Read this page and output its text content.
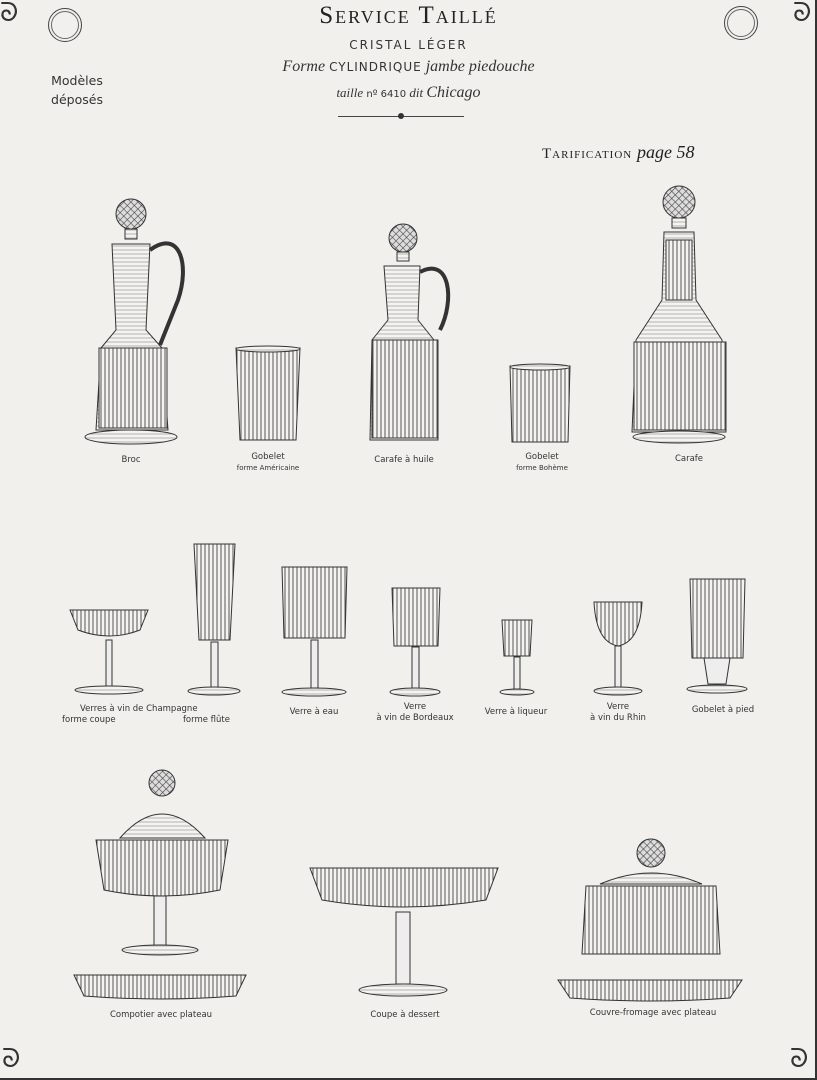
ᘐ	ᘐ
ᘐ	ᘐ
Service Taillé
CRISTAL LÉGER
Forme CYLINDRIQUE jambe piedouche
taille nº 6410 dit Chicago
Modèles
déposés
Tarification page 58
Broc	Gobelet
forme Américaine
Carafe à huile	Gobelet
forme Bohème
Carafe
Verres à vin de Champagne
forme coupe	forme flûte
Verre à eau	Verre
à vin de Bordeaux
Verre à liqueur	Verre
à vin du Rhin
Gobelet à pied
Compotier avec plateau	Coupe à dessert	Couvre-fromage avec plateau
